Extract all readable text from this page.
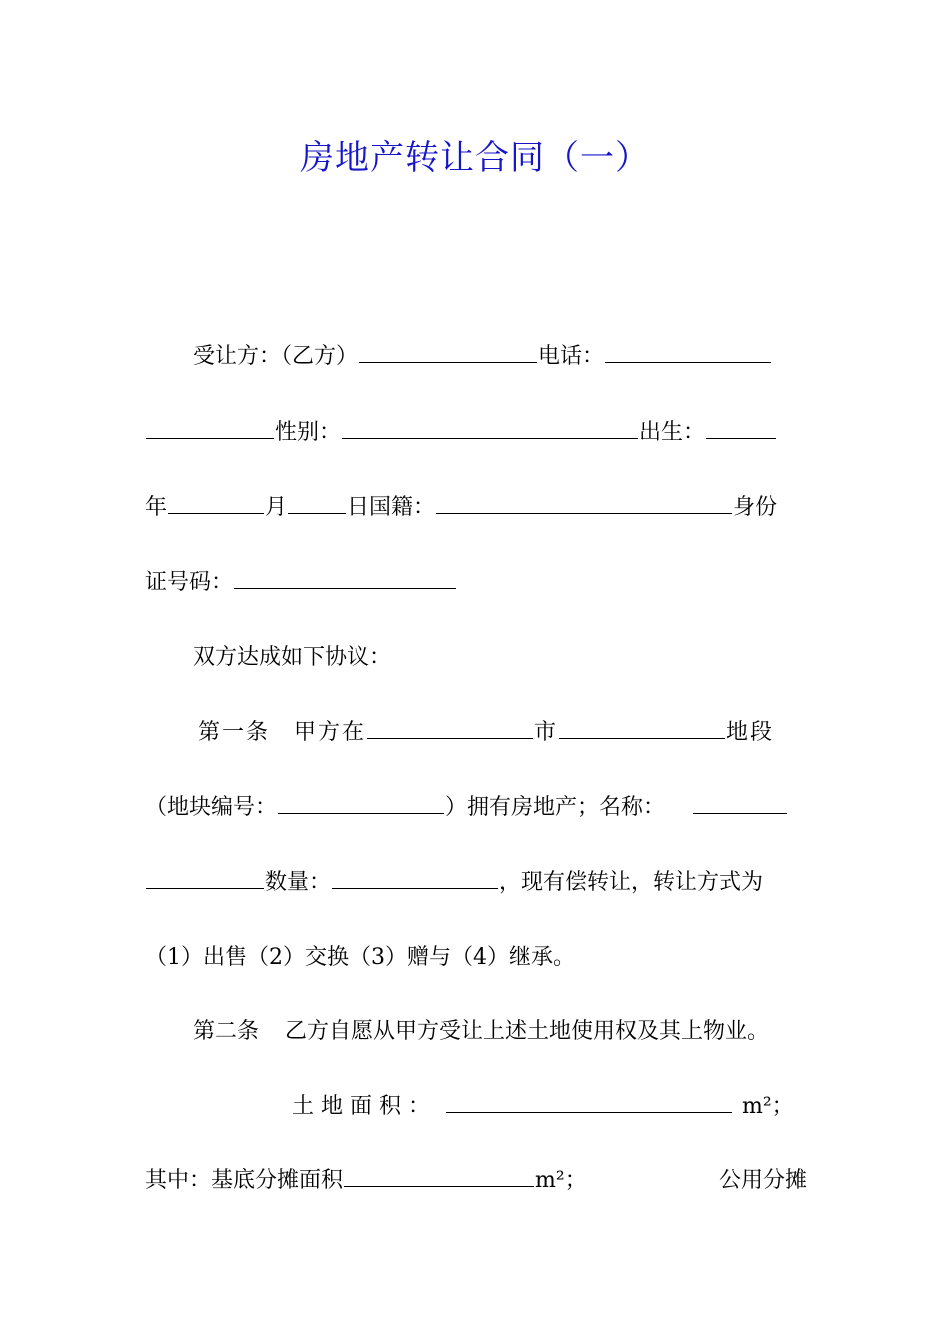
房地产转让合同（一）
受让方：（乙方）	电话：
性别：	出生：
年	月	日国籍：	身份
证号码：
双方达成如下协议：
第一条 甲方在	市	地段
（地块编号：	）拥有房地产；名称：
数量：	，现有偿转让，转让方式为
（1）出售（2）交换（3）赠与（4）继承。
第二条 乙方自愿从甲方受让上述土地使用权及其上物业。
土 地 面 积 ：	m²；
其中：基底分摊面积	m²；	公用分摊
